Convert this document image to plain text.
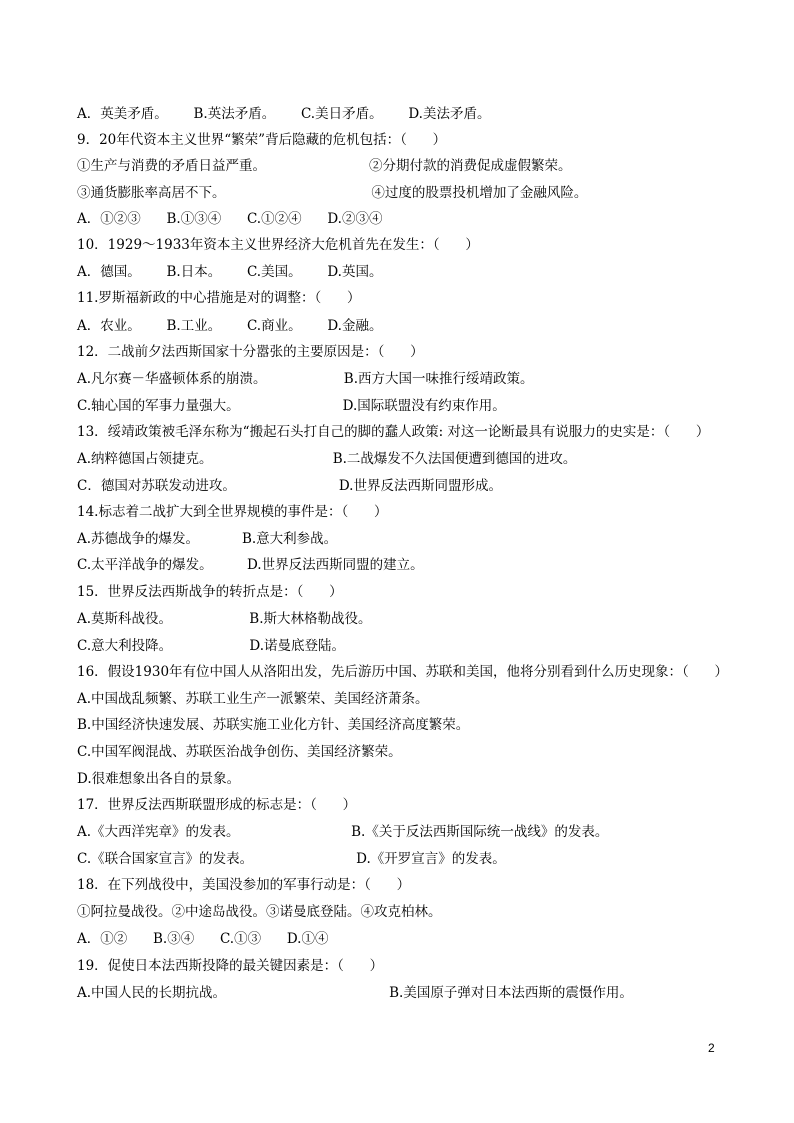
A．英美矛盾。      B.英法矛盾。      C.美日矛盾。      D.美法矛盾。
9．20年代资本主义世界“繁荣”背后隐藏的危机包括：（      ）
①生产与消费的矛盾日益严重。                        ②分期付款的消费促成虚假繁荣。
③通货膨胀率高居不下。                                  ④过度的股票投机增加了金融风险。
A．①②③      B.①③④      C.①②④      D.②③④
10．1929～1933年资本主义世界经济大危机首先在发生：（      ）
A．德国。      B.日本。      C.美国。      D.英国。
11.罗斯福新政的中心措施是对的调整：（      ）
A．农业。      B.工业。      C.商业。      D.金融。
12．二战前夕法西斯国家十分嚣张的主要原因是：（      ）
A.凡尔赛－华盛顿体系的崩溃。                  B.西方大国一味推行绥靖政策。
C.轴心国的军事力量强大。                        D.国际联盟没有约束作用。
13．绥靖政策被毛泽东称为“搬起石头打自己的脚的蠢人政策: 对这一论断最具有说服力的史实是：（      ）
A.纳粹德国占领捷克。                            B.二战爆发不久法国便遭到德国的进攻。
C．德国对苏联发动进攻。                        D.世界反法西斯同盟形成。
14.标志着二战扩大到全世界规模的事件是：（      ）
A.苏德战争的爆发。          B.意大利参战。
C.太平洋战争的爆发。        D.世界反法西斯同盟的建立。
15．世界反法西斯战争的转折点是：（      ）
A.莫斯科战役。                  B.斯大林格勒战役。
C.意大利投降。                  D.诺曼底登陆。
16．假设1930年有位中国人从洛阳出发，先后游历中国、苏联和美国，他将分别看到什么历史现象：（      ）
A.中国战乱频繁、苏联工业生产一派繁荣、美国经济萧条。
B.中国经济快速发展、苏联实施工业化方针、美国经济高度繁荣。
C.中国军阀混战、苏联医治战争创伤、美国经济繁荣。
D.很难想象出各自的景象。
17．世界反法西斯联盟形成的标志是：（      ）
A.《大西洋宪章》的发表。                          B.《关于反法西斯国际统一战线》的发表。
C.《联合国家宣言》的发表。                        D.《开罗宣言》的发表。
18．在下列战役中，美国没参加的军事行动是：（      ）
①阿拉曼战役。②中途岛战役。③诺曼底登陆。④攻克柏林。
A．①②      B.③④      C.①③      D.①④
19．促使日本法西斯投降的最关键因素是：（      ）
A.中国人民的长期抗战。                                      B.美国原子弹对日本法西斯的震慑作用。
2
